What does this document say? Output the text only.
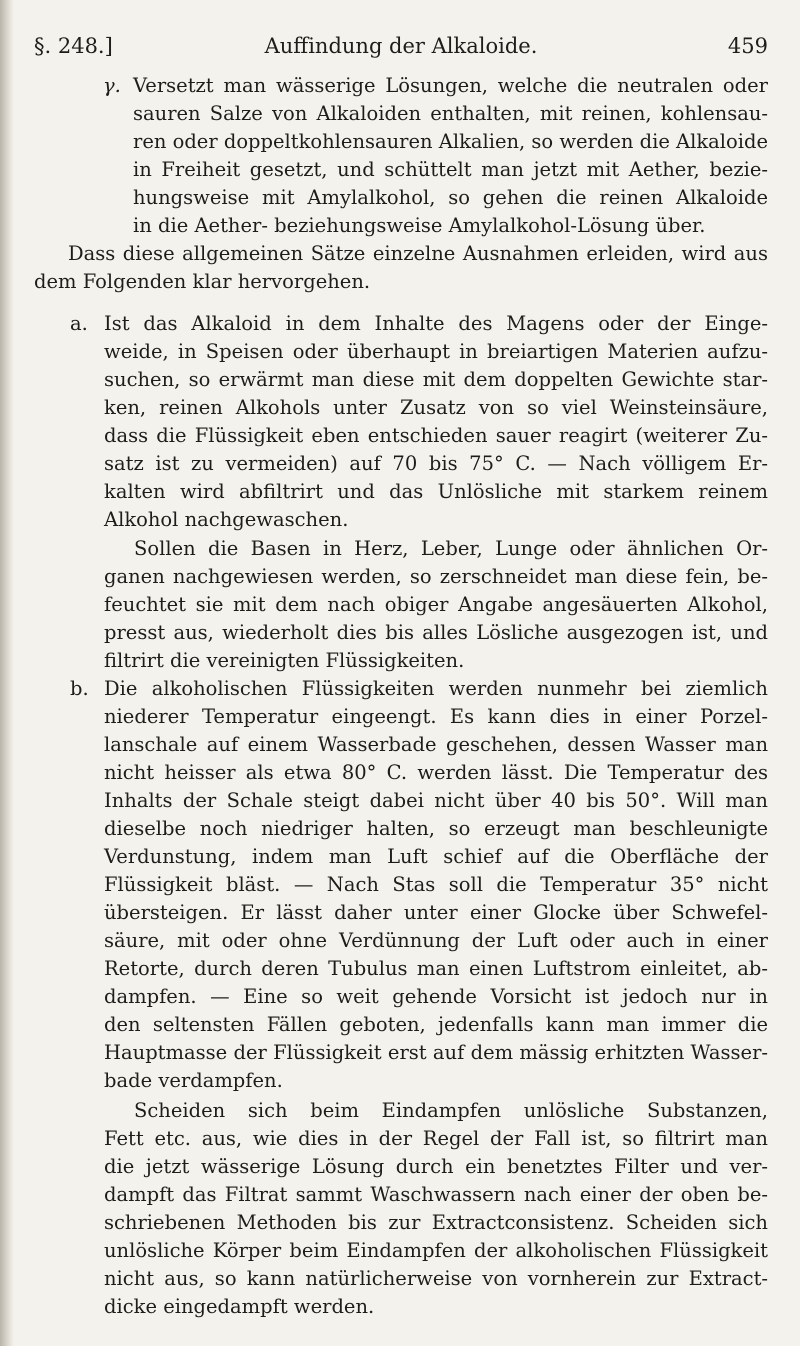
§. 248.]	Auffindung der Alkaloide.	459
γ. Versetzt man wässerige Lösungen, welche die neutralen oder
sauren Salze von Alkaloiden enthalten, mit reinen, kohlensau-
ren oder doppeltkohlensauren Alkalien, so werden die Alkaloide
in Freiheit gesetzt, und schüttelt man jetzt mit Aether, bezie-
hungsweise mit Amylalkohol, so gehen die reinen Alkaloide
in die Aether- beziehungsweise Amylalkohol-Lösung über.
Dass diese allgemeinen Sätze einzelne Ausnahmen erleiden, wird aus
dem Folgenden klar hervorgehen.
a. Ist das Alkaloid in dem Inhalte des Magens oder der Einge-
weide, in Speisen oder überhaupt in breiartigen Materien aufzu-
suchen, so erwärmt man diese mit dem doppelten Gewichte star-
ken, reinen Alkohols unter Zusatz von so viel Weinsteinsäure,
dass die Flüssigkeit eben entschieden sauer reagirt (weiterer Zu-
satz ist zu vermeiden) auf 70 bis 75° C. — Nach völligem Er-
kalten wird abfiltrirt und das Unlösliche mit starkem reinem
Alkohol nachgewaschen.
Sollen die Basen in Herz, Leber, Lunge oder ähnlichen Or-
ganen nachgewiesen werden, so zerschneidet man diese fein, be-
feuchtet sie mit dem nach obiger Angabe angesäuerten Alkohol,
presst aus, wiederholt dies bis alles Lösliche ausgezogen ist, und
filtrirt die vereinigten Flüssigkeiten.
b. Die alkoholischen Flüssigkeiten werden nunmehr bei ziemlich
niederer Temperatur eingeengt. Es kann dies in einer Porzel-
lanschale auf einem Wasserbade geschehen, dessen Wasser man
nicht heisser als etwa 80° C. werden lässt. Die Temperatur des
Inhalts der Schale steigt dabei nicht über 40 bis 50°. Will man
dieselbe noch niedriger halten, so erzeugt man beschleunigte
Verdunstung, indem man Luft schief auf die Oberfläche der
Flüssigkeit bläst. — Nach Stas soll die Temperatur 35° nicht
übersteigen. Er lässt daher unter einer Glocke über Schwefel-
säure, mit oder ohne Verdünnung der Luft oder auch in einer
Retorte, durch deren Tubulus man einen Luftstrom einleitet, ab-
dampfen. — Eine so weit gehende Vorsicht ist jedoch nur in
den seltensten Fällen geboten, jedenfalls kann man immer die
Hauptmasse der Flüssigkeit erst auf dem mässig erhitzten Wasser-
bade verdampfen.
Scheiden sich beim Eindampfen unlösliche Substanzen,
Fett etc. aus, wie dies in der Regel der Fall ist, so filtrirt man
die jetzt wässerige Lösung durch ein benetztes Filter und ver-
dampft das Filtrat sammt Waschwassern nach einer der oben be-
schriebenen Methoden bis zur Extractconsistenz. Scheiden sich
unlösliche Körper beim Eindampfen der alkoholischen Flüssigkeit
nicht aus, so kann natürlicherweise von vornherein zur Extract-
dicke eingedampft werden.
